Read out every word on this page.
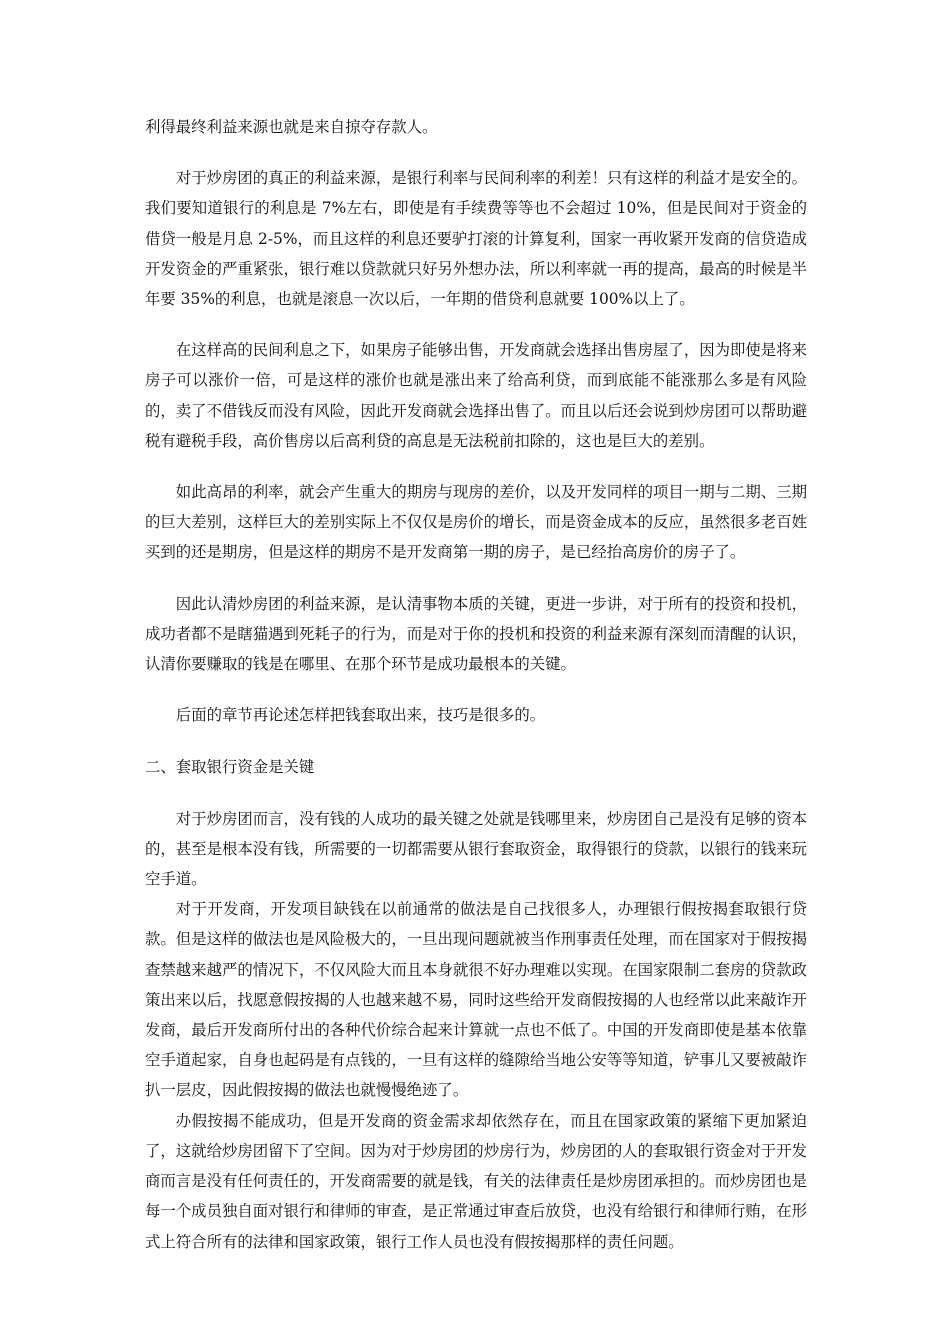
利得最终利益来源也就是来自掠夺存款人。

对于炒房团的真正的利益来源，是银行利率与民间利率的利差！只有这样的利益才是安全的。我们要知道银行的利息是 7%左右，即使是有手续费等等也不会超过 10%，但是民间对于资金的借贷一般是月息 2-5%，而且这样的利息还要驴打滚的计算复利，国家一再收紧开发商的信贷造成开发资金的严重紧张，银行难以贷款就只好另外想办法，所以利率就一再的提高，最高的时候是半年要 35%的利息，也就是滚息一次以后，一年期的借贷利息就要 100%以上了。

在这样高的民间利息之下，如果房子能够出售，开发商就会选择出售房屋了，因为即使是将来房子可以涨价一倍，可是这样的涨价也就是涨出来了给高利贷，而到底能不能涨那么多是有风险的，卖了不借钱反而没有风险，因此开发商就会选择出售了。而且以后还会说到炒房团可以帮助避税有避税手段，高价售房以后高利贷的高息是无法税前扣除的，这也是巨大的差别。

如此高昂的利率，就会产生重大的期房与现房的差价，以及开发同样的项目一期与二期、三期的巨大差别，这样巨大的差别实际上不仅仅是房价的增长，而是资金成本的反应，虽然很多老百姓买到的还是期房，但是这样的期房不是开发商第一期的房子，是已经抬高房价的房子了。

因此认清炒房团的利益来源，是认清事物本质的关键，更进一步讲，对于所有的投资和投机，成功者都不是瞎猫遇到死耗子的行为，而是对于你的投机和投资的利益来源有深刻而清醒的认识，认清你要赚取的钱是在哪里、在那个环节是成功最根本的关键。

后面的章节再论述怎样把钱套取出来，技巧是很多的。

二、套取银行资金是关键

对于炒房团而言，没有钱的人成功的最关键之处就是钱哪里来，炒房团自己是没有足够的资本的，甚至是根本没有钱，所需要的一切都需要从银行套取资金，取得银行的贷款，以银行的钱来玩空手道。

对于开发商，开发项目缺钱在以前通常的做法是自己找很多人，办理银行假按揭套取银行贷款。但是这样的做法也是风险极大的，一旦出现问题就被当作刑事责任处理，而在国家对于假按揭查禁越来越严的情况下，不仅风险大而且本身就很不好办理难以实现。在国家限制二套房的贷款政策出来以后，找愿意假按揭的人也越来越不易，同时这些给开发商假按揭的人也经常以此来敲诈开发商，最后开发商所付出的各种代价综合起来计算就一点也不低了。中国的开发商即使是基本依靠空手道起家，自身也起码是有点钱的，一旦有这样的缝隙给当地公安等等知道，铲事儿又要被敲诈扒一层皮，因此假按揭的做法也就慢慢绝迹了。

办假按揭不能成功，但是开发商的资金需求却依然存在，而且在国家政策的紧缩下更加紧迫了，这就给炒房团留下了空间。因为对于炒房团的炒房行为，炒房团的人的套取银行资金对于开发商而言是没有任何责任的，开发商需要的就是钱，有关的法律责任是炒房团承担的。而炒房团也是每一个成员独自面对银行和律师的审查，是正常通过审查后放贷，也没有给银行和律师行贿，在形式上符合所有的法律和国家政策，银行工作人员也没有假按揭那样的责任问题。
